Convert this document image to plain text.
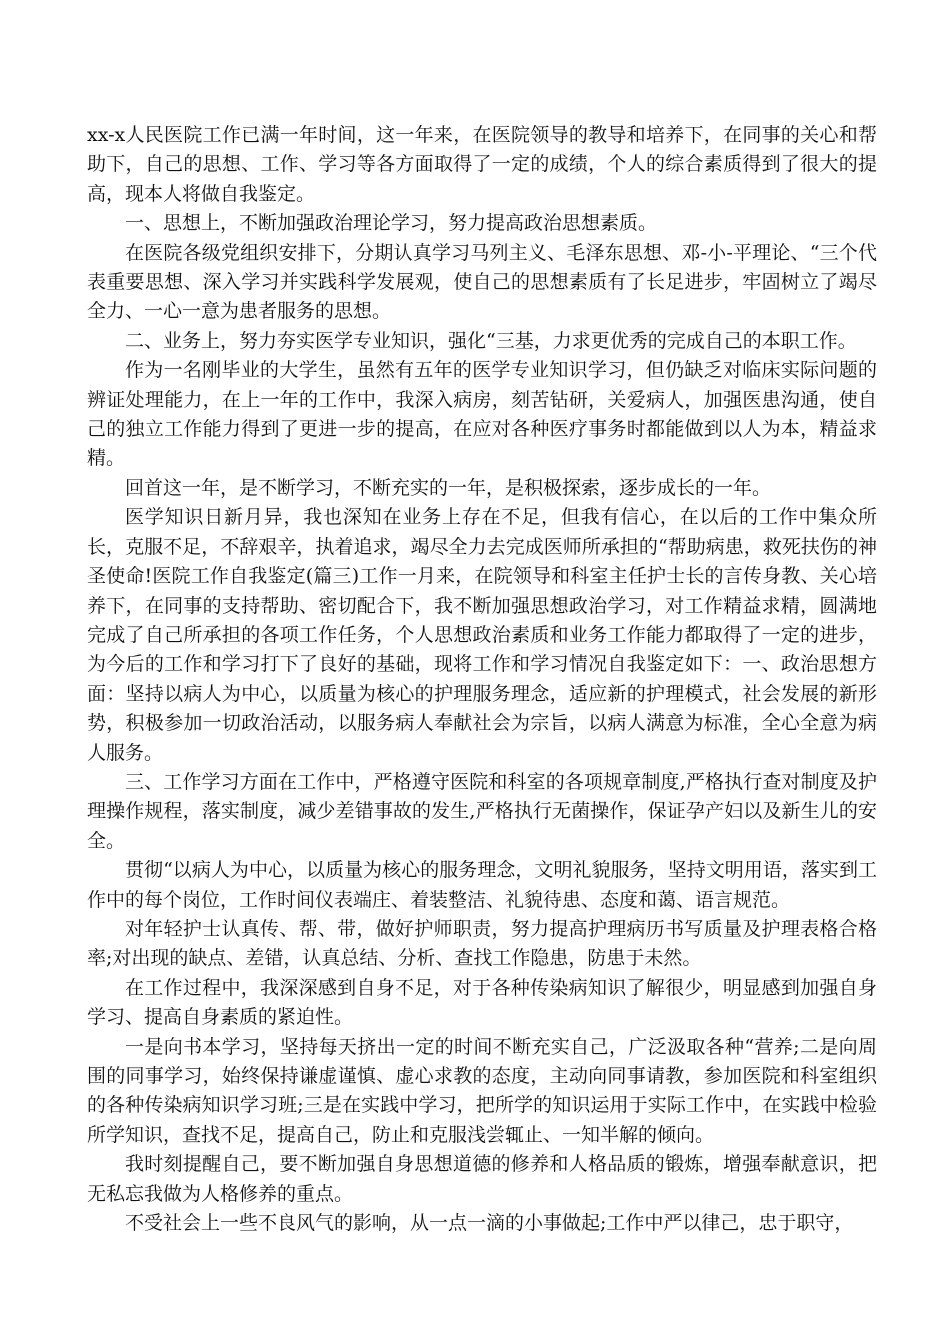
xx-x人民医院工作已满一年时间，这一年来，在医院领导的教导和培养下，在同事的关心和帮助下，自己的思想、工作、学习等各方面取得了一定的成绩，个人的综合素质得到了很大的提高，现本人将做自我鉴定。

一、思想上，不断加强政治理论学习，努力提高政治思想素质。

在医院各级党组织安排下，分期认真学习马列主义、毛泽东思想、邓-小-平理论、“三个代表重要思想、深入学习并实践科学发展观，使自己的思想素质有了长足进步，牢固树立了竭尽全力、一心一意为患者服务的思想。

二、业务上，努力夯实医学专业知识，强化“三基，力求更优秀的完成自己的本职工作。

作为一名刚毕业的大学生，虽然有五年的医学专业知识学习，但仍缺乏对临床实际问题的辨证处理能力，在上一年的工作中，我深入病房，刻苦钻研，关爱病人，加强医患沟通，使自己的独立工作能力得到了更进一步的提高，在应对各种医疗事务时都能做到以人为本，精益求精。

回首这一年，是不断学习，不断充实的一年，是积极探索，逐步成长的一年。

医学知识日新月异，我也深知在业务上存在不足，但我有信心，在以后的工作中集众所长，克服不足，不辞艰辛，执着追求，竭尽全力去完成医师所承担的“帮助病患，救死扶伤的神圣使命!医院工作自我鉴定(篇三)工作一月来，在院领导和科室主任护士长的言传身教、关心培养下，在同事的支持帮助、密切配合下，我不断加强思想政治学习，对工作精益求精，圆满地完成了自己所承担的各项工作任务，个人思想政治素质和业务工作能力都取得了一定的进步，为今后的工作和学习打下了良好的基础，现将工作和学习情况自我鉴定如下：一、政治思想方面：坚持以病人为中心，以质量为核心的护理服务理念，适应新的护理模式，社会发展的新形势，积极参加一切政治活动，以服务病人奉献社会为宗旨，以病人满意为标准，全心全意为病人服务。

三、工作学习方面在工作中，严格遵守医院和科室的各项规章制度,严格执行查对制度及护理操作规程，落实制度，减少差错事故的发生,严格执行无菌操作，保证孕产妇以及新生儿的安全。

贯彻“以病人为中心，以质量为核心的服务理念，文明礼貌服务，坚持文明用语，落实到工作中的每个岗位，工作时间仪表端庄、着装整洁、礼貌待患、态度和蔼、语言规范。

对年轻护士认真传、帮、带，做好护师职责，努力提高护理病历书写质量及护理表格合格率;对出现的缺点、差错，认真总结、分析、查找工作隐患，防患于未然。

在工作过程中，我深深感到自身不足，对于各种传染病知识了解很少，明显感到加强自身学习、提高自身素质的紧迫性。

一是向书本学习，坚持每天挤出一定的时间不断充实自己，广泛汲取各种“营养;二是向周围的同事学习，始终保持谦虚谨慎、虚心求教的态度，主动向同事请教，参加医院和科室组织的各种传染病知识学习班;三是在实践中学习，把所学的知识运用于实际工作中，在实践中检验所学知识，查找不足，提高自己，防止和克服浅尝辄止、一知半解的倾向。

我时刻提醒自己，要不断加强自身思想道德的修养和人格品质的锻炼，增强奉献意识，把无私忘我做为人格修养的重点。

不受社会上一些不良风气的影响，从一点一滴的小事做起;工作中严以律己，忠于职守，
